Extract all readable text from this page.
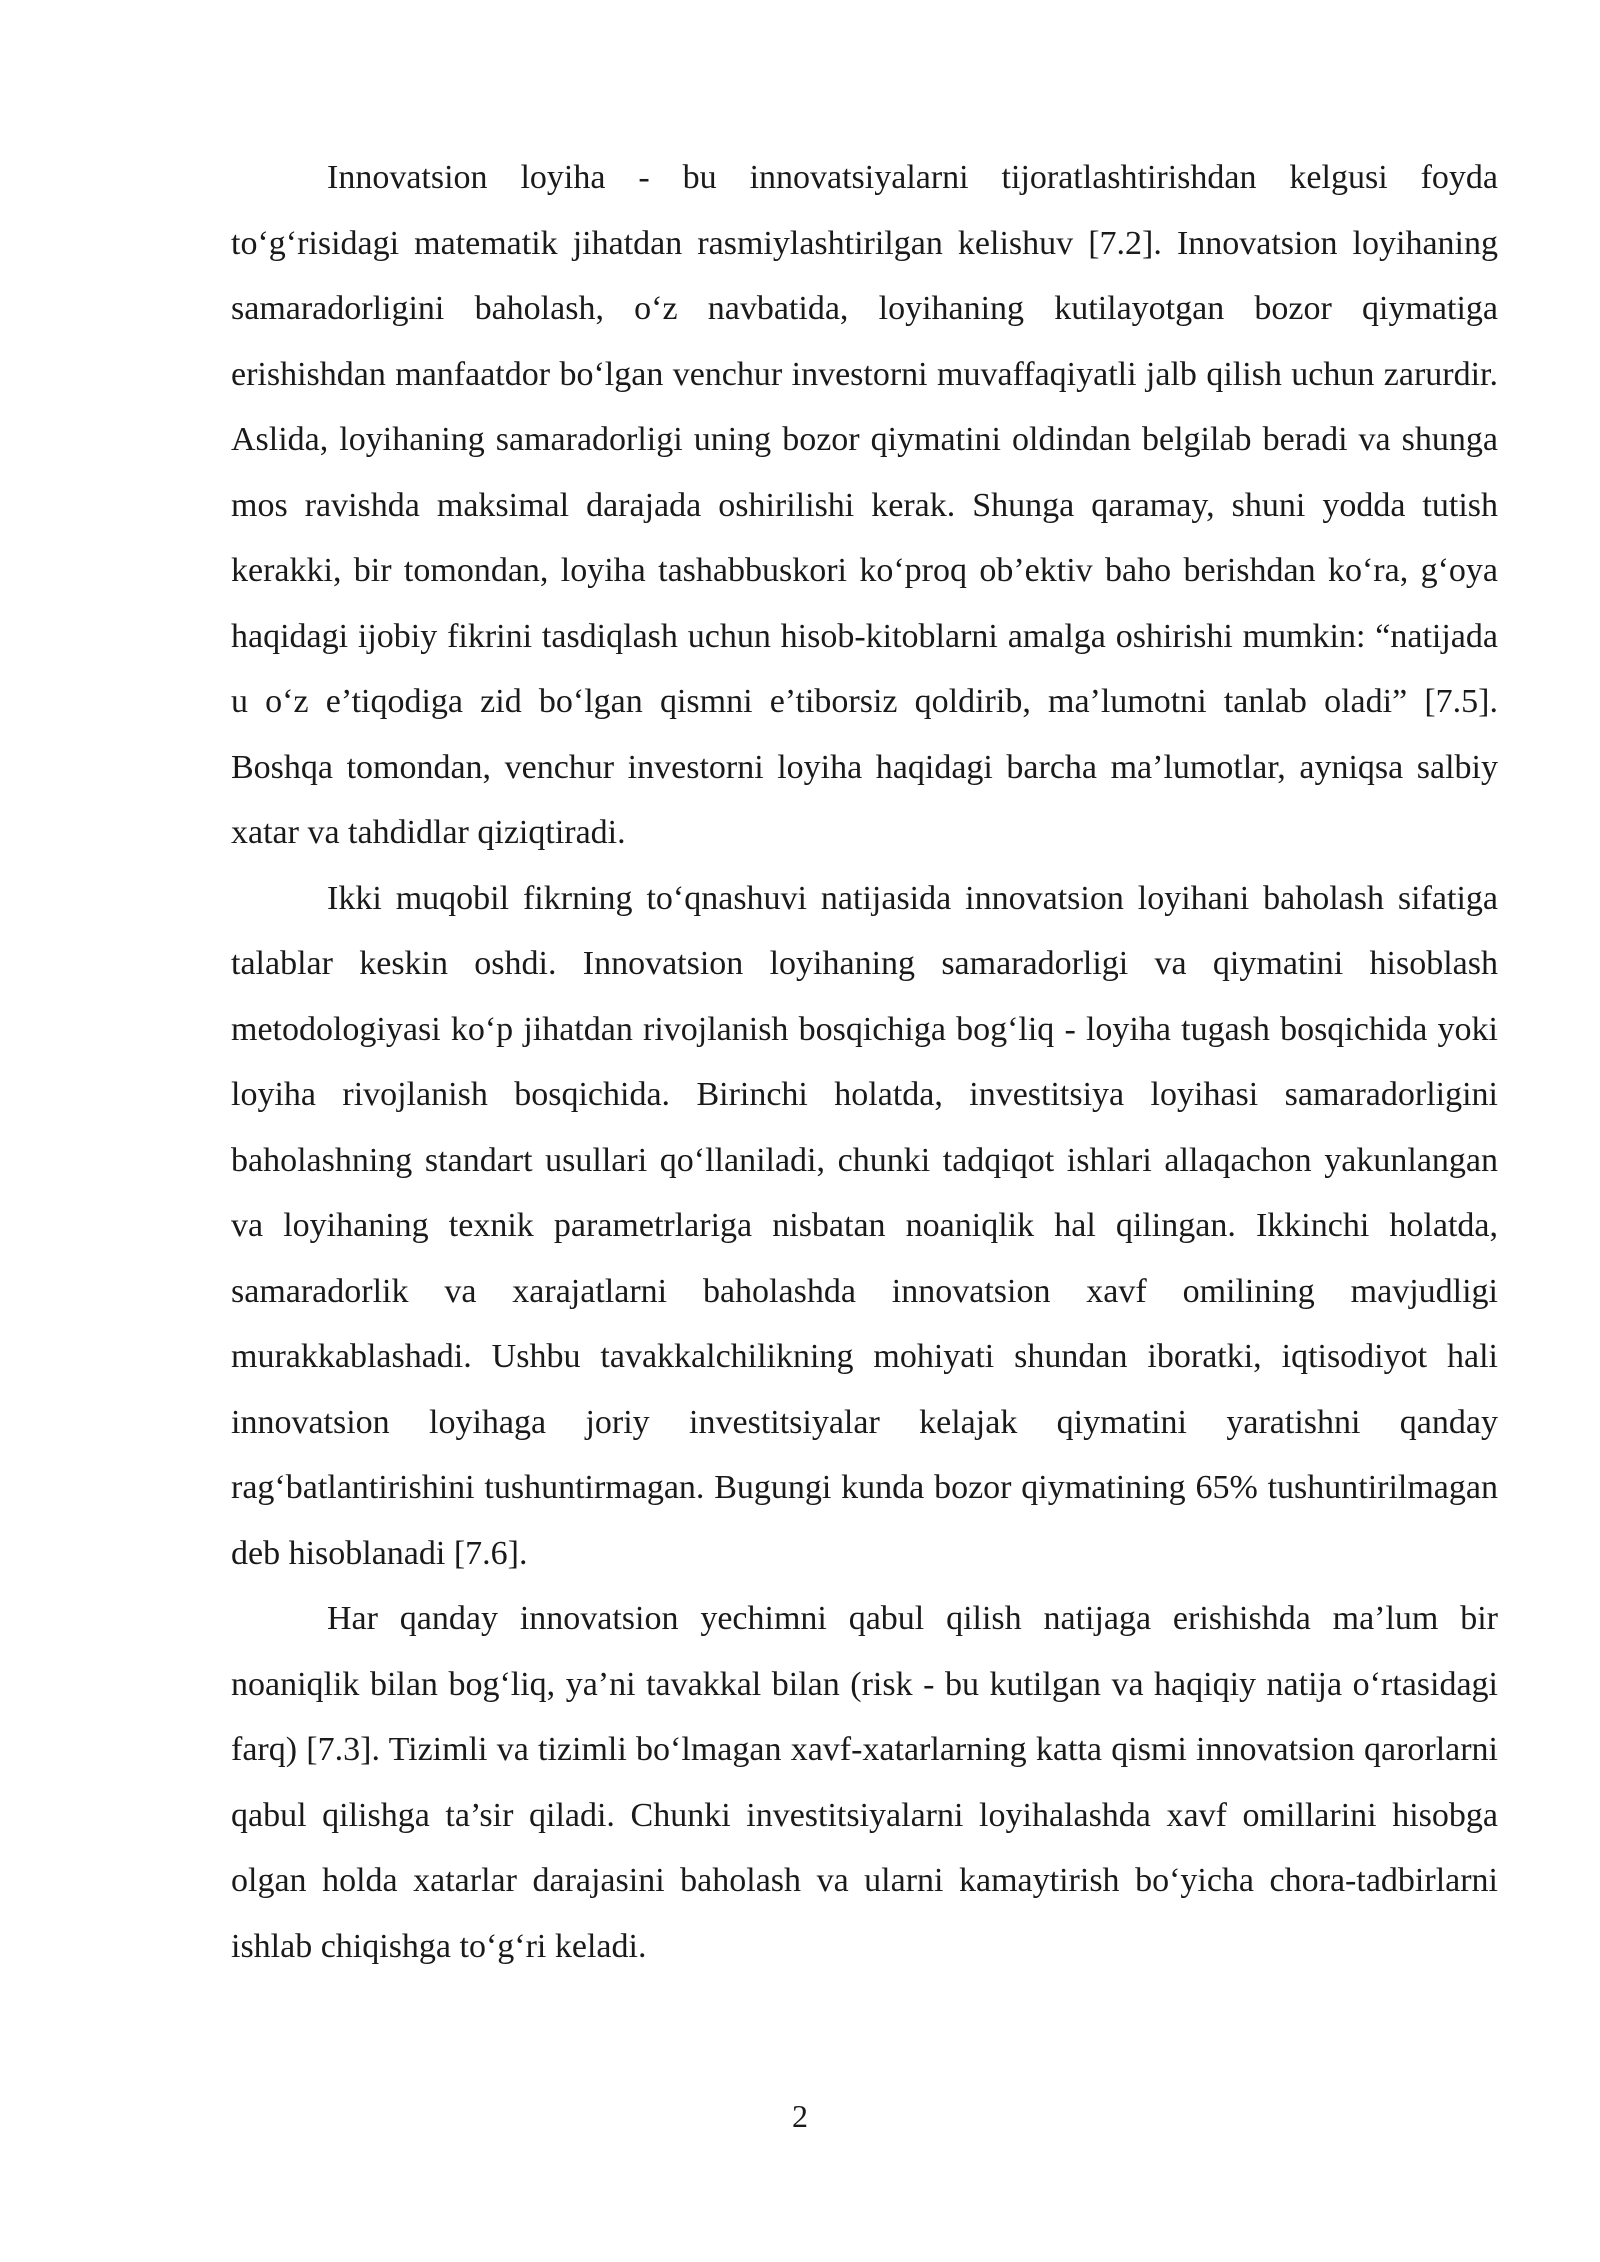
Innovatsion loyiha - bu innovatsiyalarni tijoratlashtirishdan kelgusi foyda to‘g‘risidagi matematik jihatdan rasmiylashtirilgan kelishuv [7.2]. Innovatsion loyihaning samaradorligini baholash, o‘z navbatida, loyihaning kutilayotgan bozor qiymatiga erishishdan manfaatdor bo‘lgan venchur investorni muvaffaqiyatli jalb qilish uchun zarurdir. Aslida, loyihaning samaradorligi uning bozor qiymatini oldindan belgilab beradi va shunga mos ravishda maksimal darajada oshirilishi kerak. Shunga qaramay, shuni yodda tutish kerakki, bir tomondan, loyiha tashabbuskori ko‘proq ob’ektiv baho berishdan ko‘ra, g‘oya haqidagi ijobiy fikrini tasdiqlash uchun hisob-kitoblarni amalga oshirishi mumkin: “natijada u o‘z e’tiqodiga zid bo‘lgan qismni e’tiborsiz qoldirib, ma’lumotni tanlab oladi” [7.5]. Boshqa tomondan, venchur investorni loyiha haqidagi barcha ma’lumotlar, ayniqsa salbiy xatar va tahdidlar qiziqtiradi.

Ikki muqobil fikrning to‘qnashuvi natijasida innovatsion loyihani baholash sifatiga talablar keskin oshdi. Innovatsion loyihaning samaradorligi va qiymatini hisoblash metodologiyasi ko‘p jihatdan rivojlanish bosqichiga bog‘liq - loyiha tugash bosqichida yoki loyiha rivojlanish bosqichida. Birinchi holatda, investitsiya loyihasi samaradorligini baholashning standart usullari qo‘llaniladi, chunki tadqiqot ishlari allaqachon yakunlangan va loyihaning texnik parametrlariga nisbatan noaniqlik hal qilingan. Ikkinchi holatda, samaradorlik va xarajatlarni baholashda innovatsion xavf omilining mavjudligi murakkablashadi. Ushbu tavakkalchilikning mohiyati shundan iboratki, iqtisodiyot hali innovatsion loyihaga joriy investitsiyalar kelajak qiymatini yaratishni qanday rag‘batlantirishini tushuntirmagan. Bugungi kunda bozor qiymatining 65% tushuntirilmagan deb hisoblanadi [7.6].

Har qanday innovatsion yechimni qabul qilish natijaga erishishda ma’lum bir noaniqlik bilan bog‘liq, ya’ni tavakkal bilan (risk - bu kutilgan va haqiqiy natija o‘rtasidagi farq) [7.3]. Tizimli va tizimli bo‘lmagan xavf-xatarlarning katta qismi innovatsion qarorlarni qabul qilishga ta’sir qiladi. Chunki investitsiyalarni loyihalashda xavf omillarini hisobga olgan holda xatarlar darajasini baholash va ularni kamaytirish bo‘yicha chora-tadbirlarni ishlab chiqishga to‘g‘ri keladi.

2
